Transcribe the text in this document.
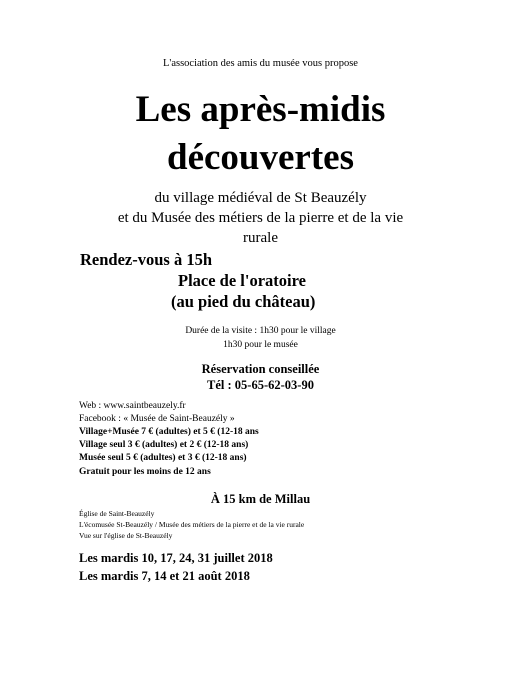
L'association des amis du musée vous propose
Les après-midis
découvertes
du village médiéval de St Beauzély
et du Musée des métiers de la pierre et de la vie
rurale
Rendez-vous à 15h
Place de l'oratoire
(au pied du château)
Durée de la visite : 1h30 pour le village
1h30 pour le musée
Réservation conseillée
Tél : 05-65-62-03-90
Web : www.saintbeauzely.fr
Facebook : « Musée de Saint-Beauzély »
Village+Musée 7 € (adultes) et 5 € (12-18 ans
Village seul 3 € (adultes) et 2 € (12-18 ans)
Musée seul 5 € (adultes) et 3 € (12-18 ans)
Gratuit pour les moins de 12 ans
À 15 km de Millau
Église de Saint-Beauzély
L'écomusée St-Beauzély / Musée des métiers de la pierre et de la vie rurale
Vue sur l'église de St-Beauzély
Les mardis 10, 17, 24, 31 juillet 2018
Les mardis 7, 14 et 21 août 2018
